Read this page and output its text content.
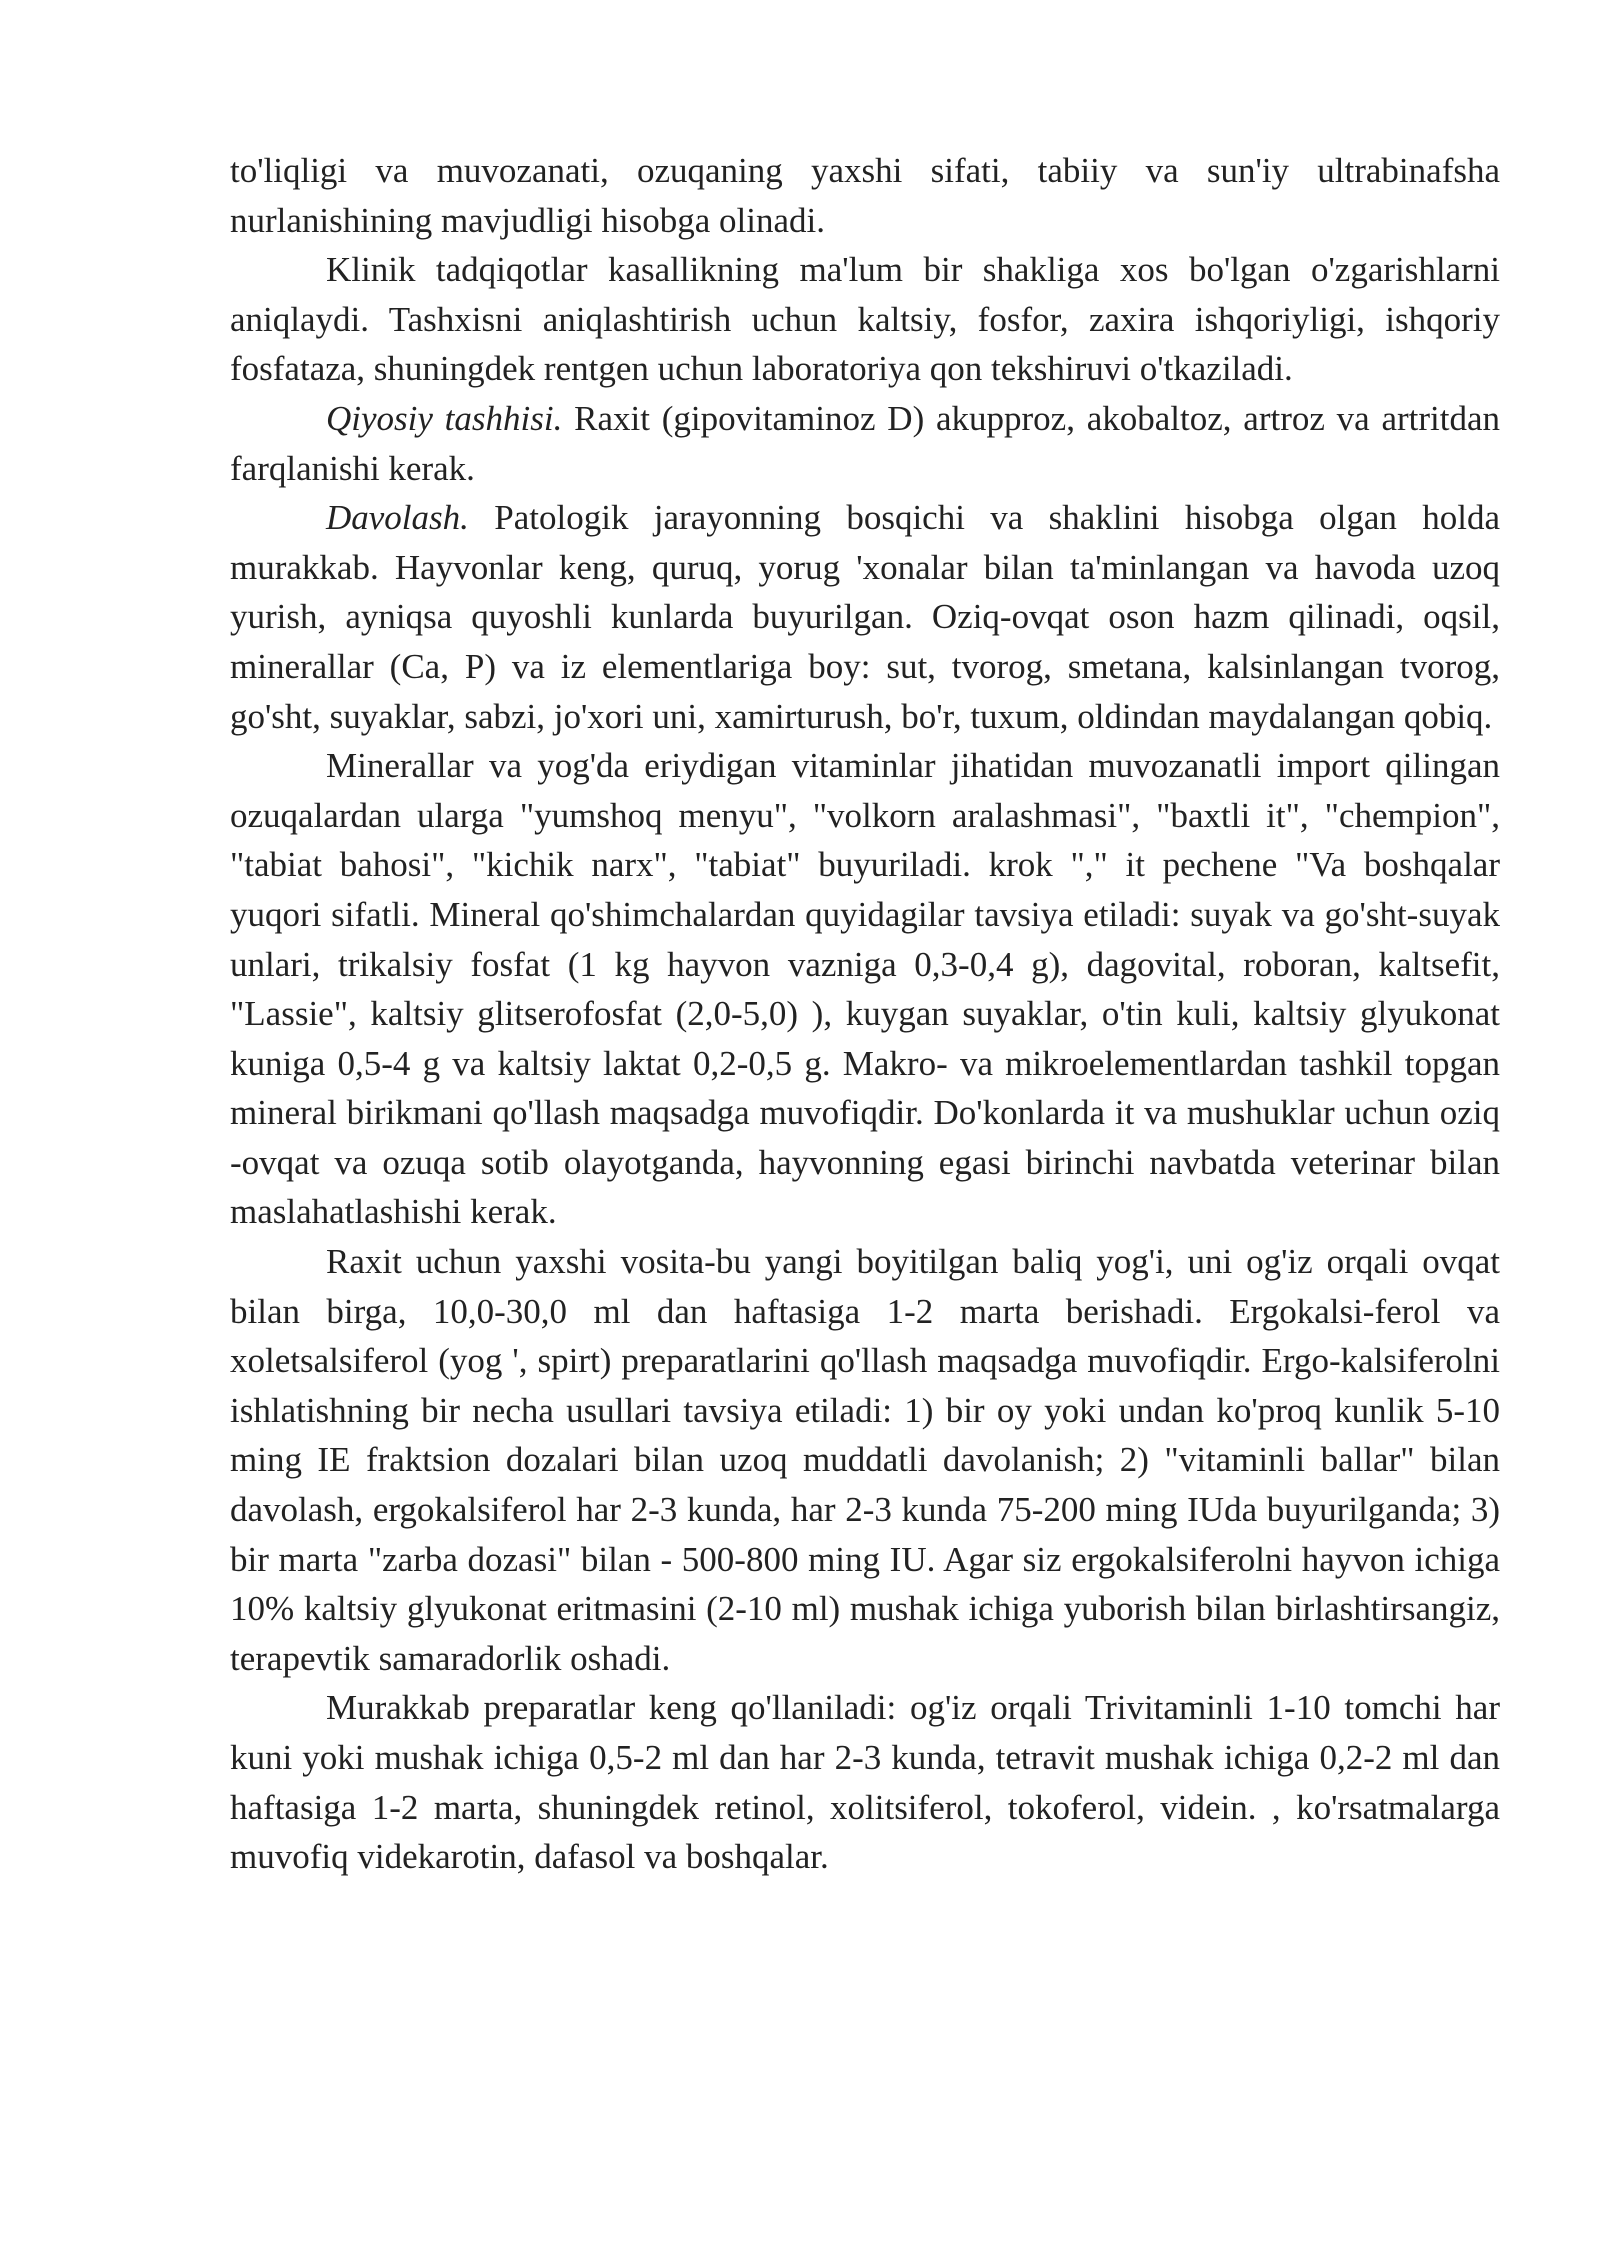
to'liqligi va muvozanati, ozuqaning yaxshi sifati, tabiiy va sun'iy ultrabinafsha nurlanishining mavjudligi hisobga olinadi.

Klinik tadqiqotlar kasallikning ma'lum bir shakliga xos bo'lgan o'zgarishlarni aniqlaydi. Tashxisni aniqlashtirish uchun kaltsiy, fosfor, zaxira ishqoriyligi, ishqoriy fosfataza, shuningdek rentgen uchun laboratoriya qon tekshiruvi o'tkaziladi.

Qiyosiy tashhisi. Raxit (gipovitaminoz D) akupproz, akobaltoz, artroz va artritdan farqlanishi kerak.

Davolash. Patologik jarayonning bosqichi va shaklini hisobga olgan holda murakkab. Hayvonlar keng, quruq, yorug 'xonalar bilan ta'minlangan va havoda uzoq yurish, ayniqsa quyoshli kunlarda buyurilgan. Oziq-ovqat oson hazm qilinadi, oqsil, minerallar (Ca, P) va iz elementlariga boy: sut, tvorog, smetana, kalsinlangan tvorog, go'sht, suyaklar, sabzi, jo'xori uni, xamirturush, bo'r, tuxum, oldindan maydalangan qobiq.

Minerallar va yog'da eriydigan vitaminlar jihatidan muvozanatli import qilingan ozuqalardan ularga "yumshoq menyu", "volkorn aralashmasi", "baxtli it", "chempion", "tabiat bahosi", "kichik narx", "tabiat" buyuriladi. krok "," it pechene "Va boshqalar yuqori sifatli. Mineral qo'shimchalardan quyidagilar tavsiya etiladi: suyak va go'sht-suyak unlari, trikalsiy fosfat (1 kg hayvon vazniga 0,3-0,4 g), dagovital, roboran, kaltsefit, "Lassie", kaltsiy glitserofosfat (2,0-5,0) ), kuygan suyaklar, o'tin kuli, kaltsiy glyukonat kuniga 0,5-4 g va kaltsiy laktat 0,2-0,5 g. Makro- va mikroelementlardan tashkil topgan mineral birikmani qo'llash maqsadga muvofiqdir. Do'konlarda it va mushuklar uchun oziq -ovqat va ozuqa sotib olayotganda, hayvonning egasi birinchi navbatda veterinar bilan maslahatlashishi kerak.

Raxit uchun yaxshi vosita-bu yangi boyitilgan baliq yog'i, uni og'iz orqali ovqat bilan birga, 10,0-30,0 ml dan haftasiga 1-2 marta berishadi. Ergokalsi-ferol va xoletsalsiferol (yog ', spirt) preparatlarini qo'llash maqsadga muvofiqdir. Ergo-kalsiferolni ishlatishning bir necha usullari tavsiya etiladi: 1) bir oy yoki undan ko'proq kunlik 5-10 ming IE fraktsion dozalari bilan uzoq muddatli davolanish; 2) "vitaminli ballar" bilan davolash, ergokalsiferol har 2-3 kunda, har 2-3 kunda 75-200 ming IUda buyurilganda; 3) bir marta "zarba dozasi" bilan - 500-800 ming IU. Agar siz ergokalsiferolni hayvon ichiga 10% kaltsiy glyukonat eritmasini (2-10 ml) mushak ichiga yuborish bilan birlashtirsangiz, terapevtik samaradorlik oshadi.

Murakkab preparatlar keng qo'llaniladi: og'iz orqali Trivitaminli 1-10 tomchi har kuni yoki mushak ichiga 0,5-2 ml dan har 2-3 kunda, tetravit mushak ichiga 0,2-2 ml dan haftasiga 1-2 marta, shuningdek retinol, xolitsiferol, tokoferol, videin. , ko'rsatmalarga muvofiq videkarotin, dafasol va boshqalar.
